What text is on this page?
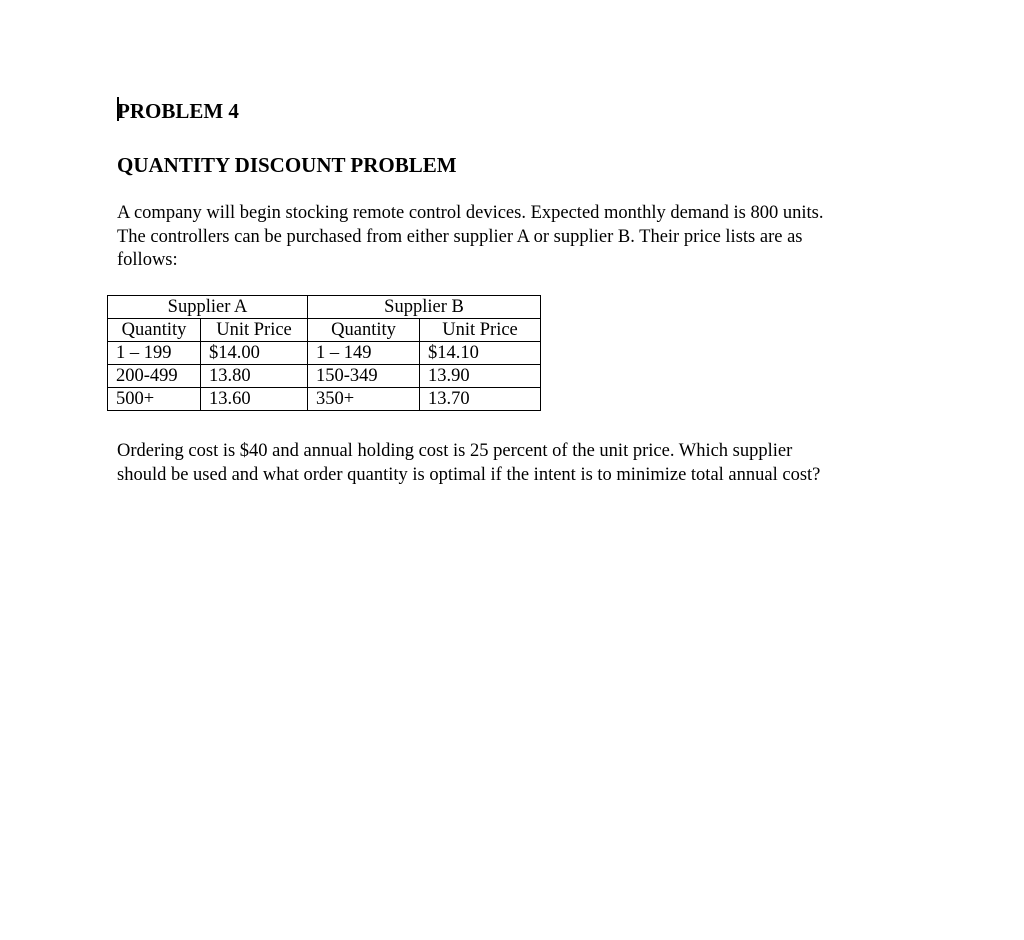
PROBLEM 4
QUANTITY DISCOUNT PROBLEM

A company will begin stocking remote control devices. Expected monthly demand is 800 units.
The controllers can be purchased from either supplier A or supplier B. Their price lists are as
follows:

Supplier A		Supplier B	
Quantity	Unit Price	Quantity	Unit Price
1 – 199	$14.00	1 – 149	$14.10
200-499	13.80	150-349	13.90
500+	13.60	350+	13.70

Ordering cost is $40 and annual holding cost is 25 percent of the unit price. Which supplier
should be used and what order quantity is optimal if the intent is to minimize total annual cost?
